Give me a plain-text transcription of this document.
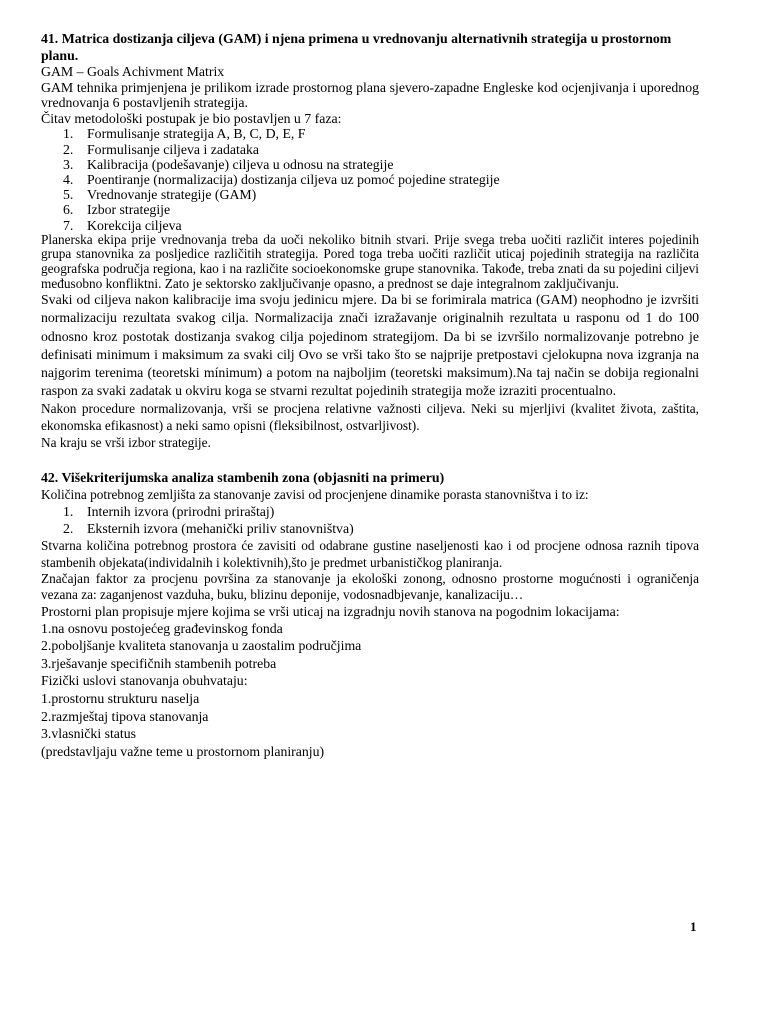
41. Matrica dostizanja ciljeva (GAM) i njena primena u vrednovanju alternativnih strategija u prostornom planu.

GAM – Goals Achivment Matrix

GAM tehnika primjenjena je prilikom izrade prostornog plana sjevero-zapadne Engleske kod ocjenjivanja i uporednog vrednovanja 6 postavljenih strategija.

Čitav metodološki postupak je bio postavljen u 7 faza:

1. Formulisanje strategija A, B, C, D, E, F
2. Formulisanje ciljeva i zadataka
3. Kalibracija (podešavanje) ciljeva u odnosu na strategije
4. Poentiranje (normalizacija) dostizanja ciljeva uz pomoć pojedine strategije
5. Vrednovanje strategije (GAM)
6. Izbor strategije
7. Korekcija ciljeva

Planerska ekipa prije vrednovanja treba da uoči nekoliko bitnih stvari. Prije svega treba uočiti različit interes pojedinih grupa stanovnika za posljedice različitih strategija. Pored toga treba uočiti različit uticaj pojedinih strategija na različita geografska područja regiona, kao i na različite socioekonomske grupe stanovnika. Takođe, treba znati da su pojedini ciljevi međusobno konfliktni. Zato je sektorsko zaključivanje opasno, a prednost se daje integralnom zaključivanju.

Svaki od ciljeva nakon kalibracije ima svoju jedinicu mjere. Da bi se forimirala matrica (GAM) neophodno je izvršiti normalizaciju rezultata svakog cilja. Normalizacija znači izražavanje originalnih rezultata u rasponu od 1 do 100 odnosno kroz postotak dostizanja svakog cilja pojedinom strategijom. Da bi se izvršilo normalizovanje potrebno je definisati minimum i maksimum za svaki cilj Ovo se vrši tako što se najprije pretpostavi cjelokupna nova izgranja na najgorim terenima (teoretski mínimum) a potom na najboljim (teoretski maksimum).Na taj način se dobija regionalni raspon za svaki zadatak u okviru koga se stvarni rezultat pojedinih strategija može izraziti procentualno.

Nakon procedure normalizovanja, vrši se procjena relativne važnosti ciljeva. Neki su mjerljivi (kvalitet života, zaštita, ekonomska efikasnost) a neki samo opisni (fleksibilnost, ostvarljivost).

Na kraju se vrši izbor strategije.

42. Višekriterijumska analiza stambenih zona (objasniti na primeru)

Količina potrebnog zemljišta za stanovanje zavisi od procjenjene dinamike porasta stanovništva i to iz:

1. Internih izvora (prirodni priraštaj)
2. Eksternih izvora (mehanički priliv stanovništva)

Stvarna količina potrebnog prostora će zavisiti od odabrane gustine naseljenosti kao i od procjene odnosa raznih tipova stambenih objekata(individalnih i kolektivnih),što je predmet urbanističkog planiranja.

Značajan faktor za procjenu površina za stanovanje ja ekološki zonong, odnosno prostorne mogućnosti i ograničenja vezana za: zaganjenost vazduha, buku, blizinu deponije, vodosnadbjevanje, kanalizaciju…

Prostorni plan propisuje mjere kojima se vrši uticaj na izgradnju novih stanova na pogodnim lokacijama:

1.na osnovu postojećeg građevinskog fonda

2.poboljšanje kvaliteta stanovanja u zaostalim područjima

3.rješavanje specifičnih stambenih potreba

Fizički uslovi stanovanja obuhvataju:

1.prostornu strukturu naselja

2.razmještaj tipova stanovanja

3.vlasnički status

(predstavljaju važne teme u prostornom planiranju)

1
